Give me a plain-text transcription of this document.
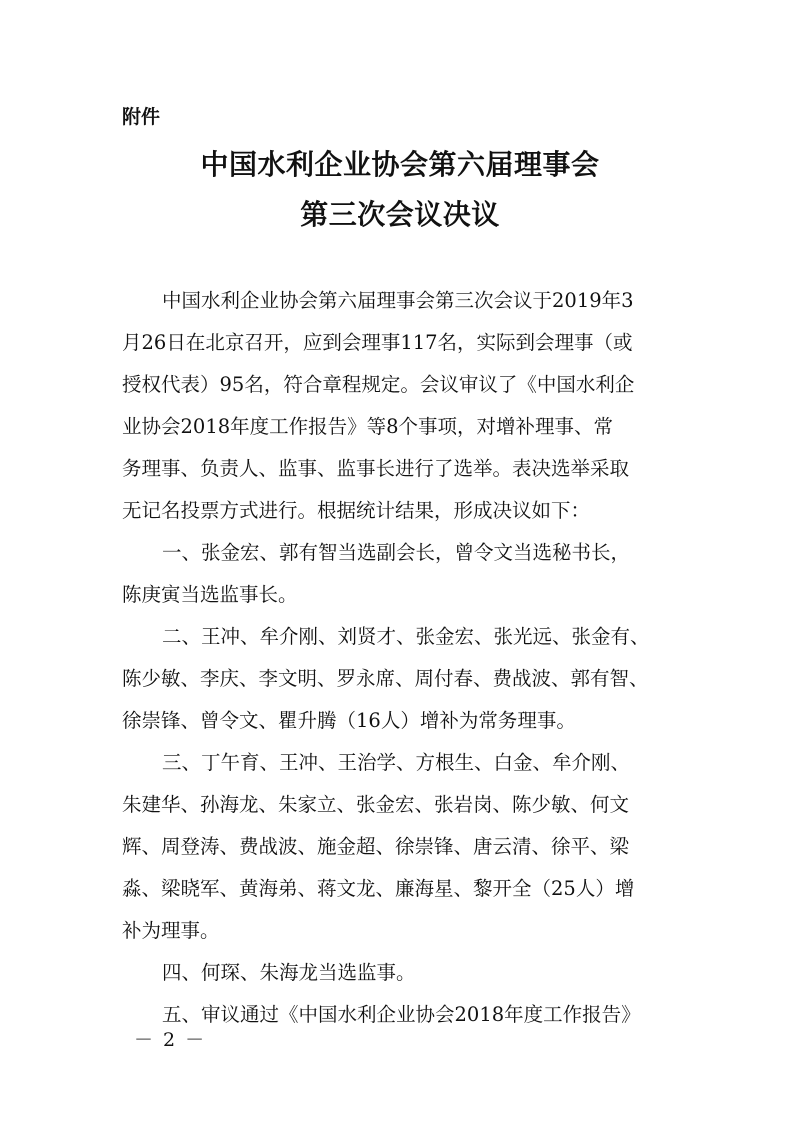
附件
中国水利企业协会第六届理事会
第三次会议决议
中国水利企业协会第六届理事会第三次会议于2019年3
月26日在北京召开，应到会理事117名，实际到会理事（或
授权代表）95名，符合章程规定。会议审议了《中国水利企
业协会2018年度工作报告》等8个事项，对增补理事、常
务理事、负责人、监事、监事长进行了选举。表决选举采取
无记名投票方式进行。根据统计结果，形成决议如下：
一、张金宏、郭有智当选副会长，曾令文当选秘书长，
陈庚寅当选监事长。
二、王冲、牟介刚、刘贤才、张金宏、张光远、张金有、
陈少敏、李庆、李文明、罗永席、周付春、费战波、郭有智、
徐崇锋、曾令文、瞿升腾（16人）增补为常务理事。
三、丁午育、王冲、王治学、方根生、白金、牟介刚、
朱建华、孙海龙、朱家立、张金宏、张岩岗、陈少敏、何文
辉、周登涛、费战波、施金超、徐崇锋、唐云清、徐平、梁
淼、梁晓军、黄海弟、蒋文龙、廉海星、黎开全（25人）增
补为理事。
四、何琛、朱海龙当选监事。
五、审议通过《中国水利企业协会2018年度工作报告》
－ 2 －
